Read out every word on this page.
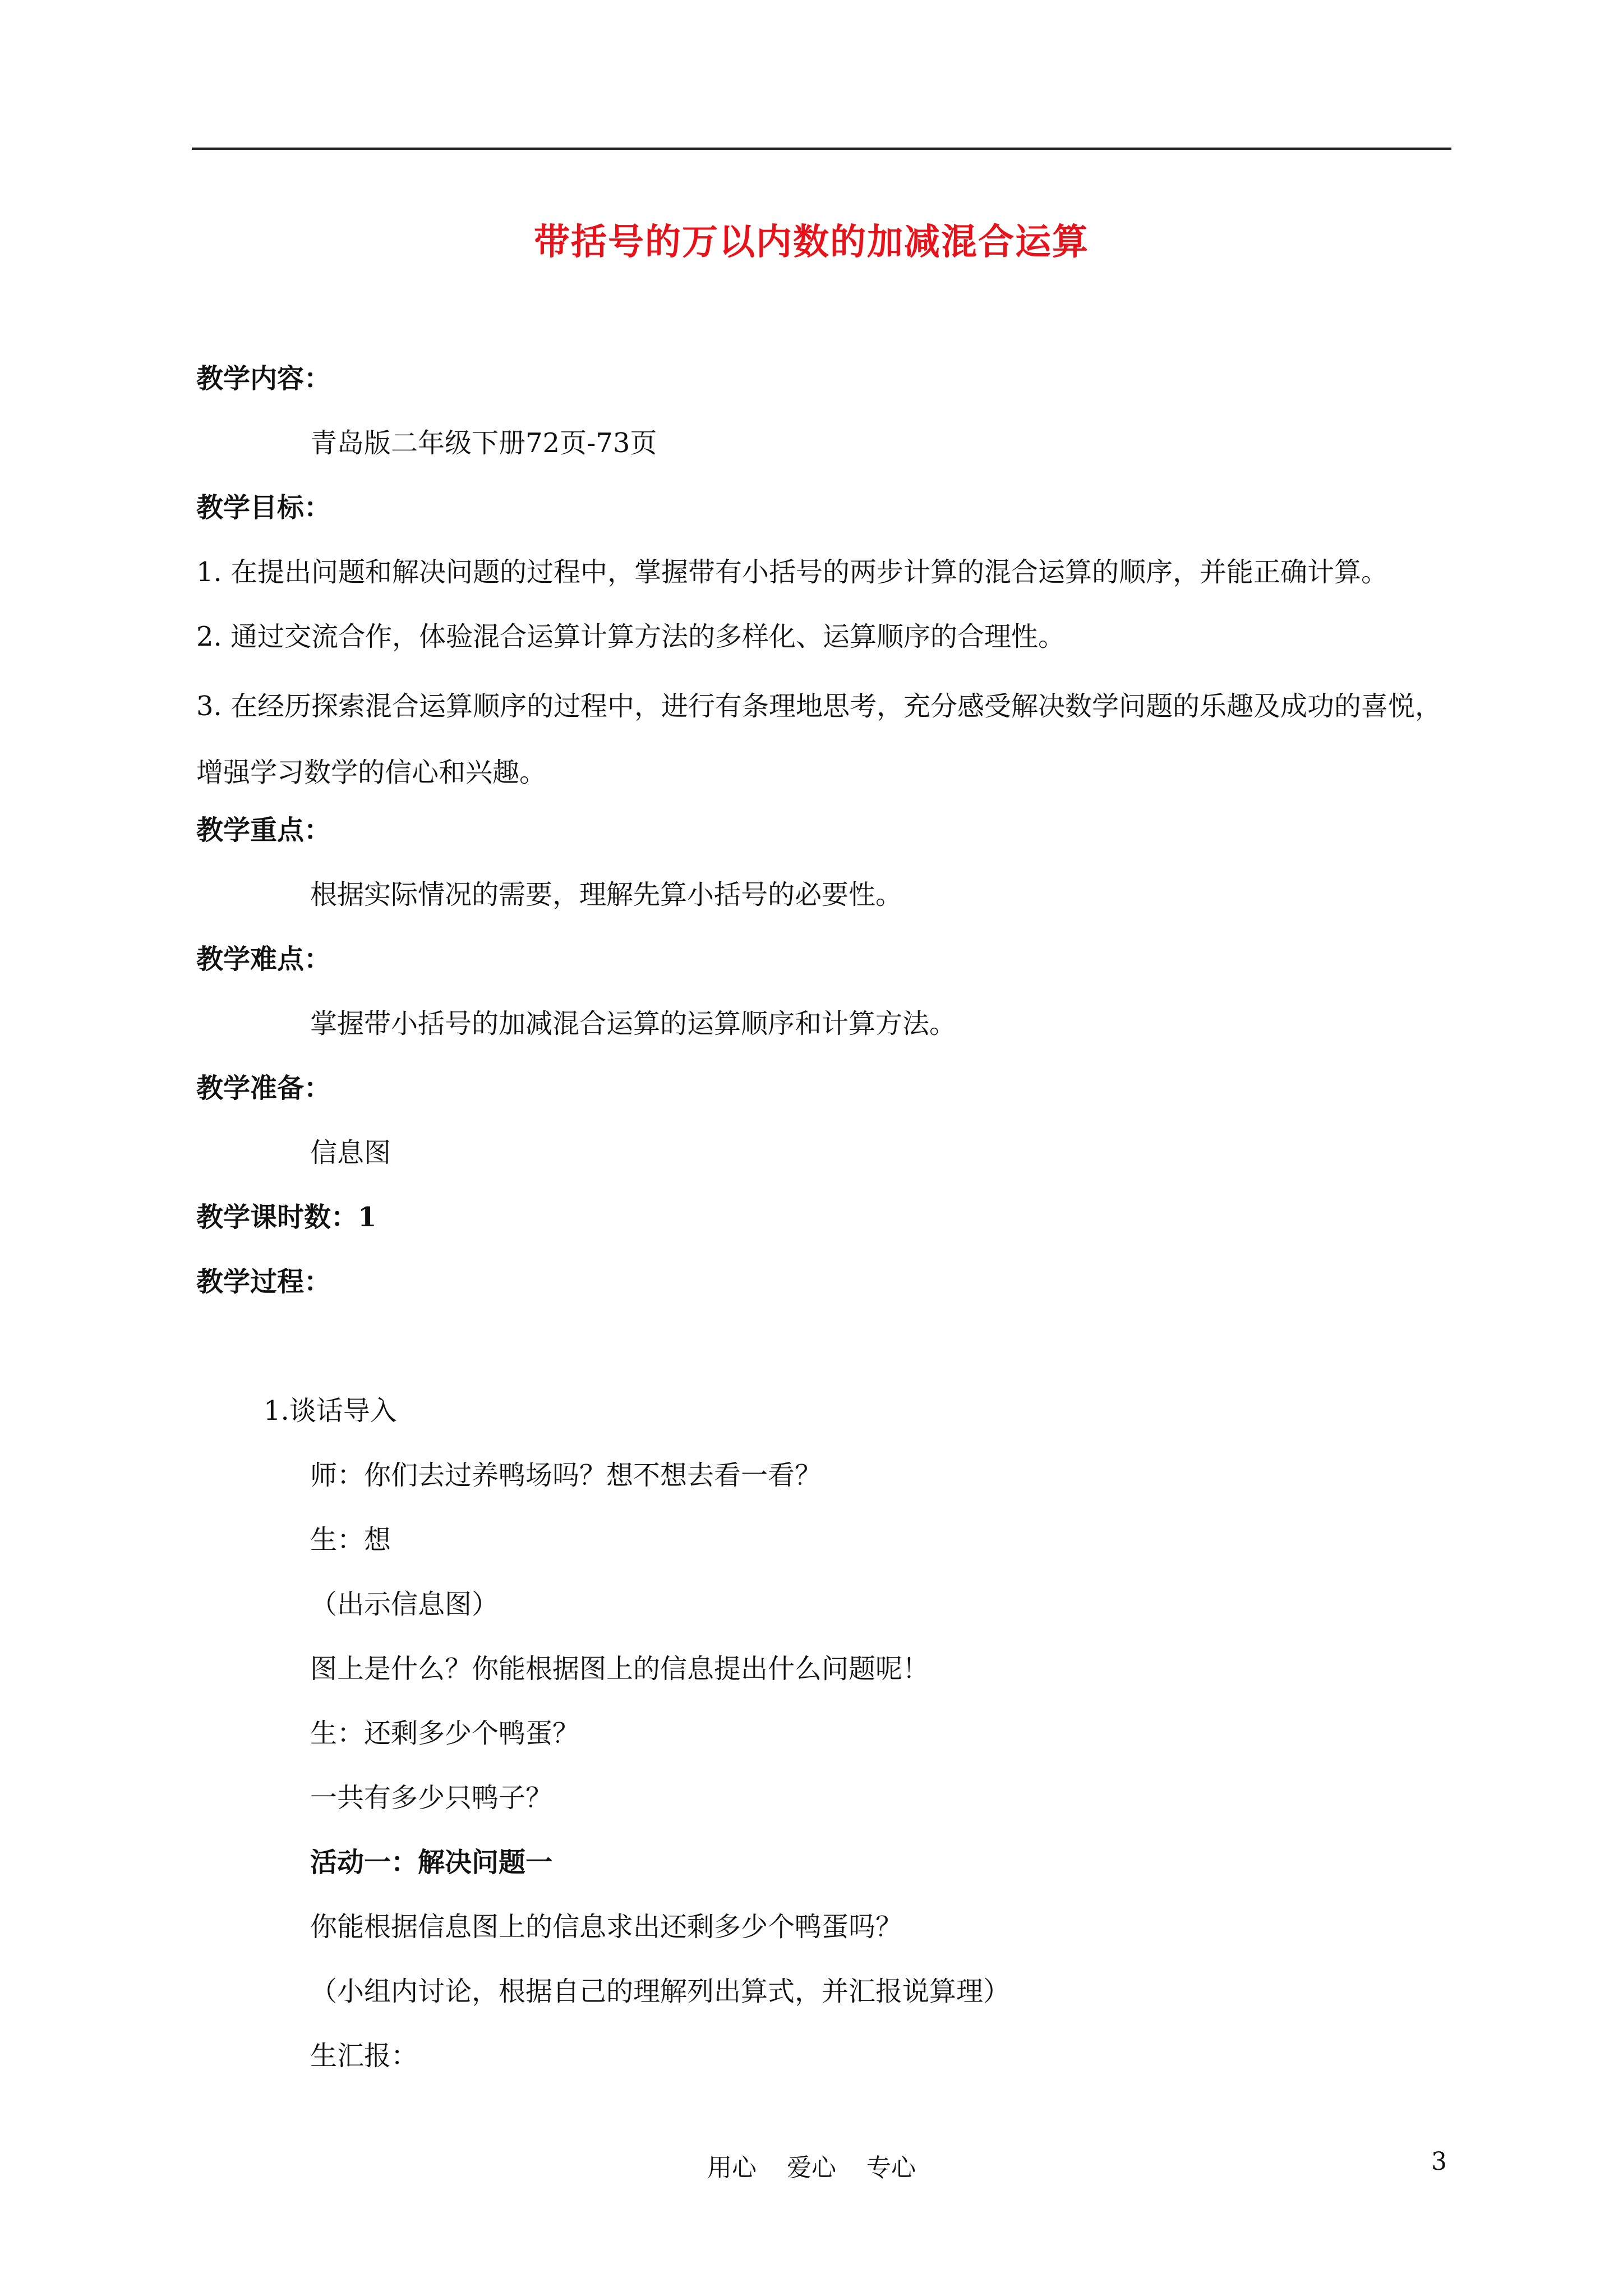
带括号的万以内数的加减混合运算
教学内容：
青岛版二年级下册72页-73页
教学目标：
1. 在提出问题和解决问题的过程中，掌握带有小括号的两步计算的混合运算的顺序，并能正确计算。
2. 通过交流合作，体验混合运算计算方法的多样化、运算顺序的合理性。
3. 在经历探索混合运算顺序的过程中，进行有条理地思考，充分感受解决数学问题的乐趣及成功的喜悦，增强学习数学的信心和兴趣。
教学重点：
根据实际情况的需要，理解先算小括号的必要性。
教学难点：
掌握带小括号的加减混合运算的运算顺序和计算方法。
教学准备：
信息图
教学课时数：1
教学过程：
1.谈话导入
师：你们去过养鸭场吗？想不想去看一看？
生：想
（出示信息图）
图上是什么？你能根据图上的信息提出什么问题呢！
生：还剩多少个鸭蛋？
一共有多少只鸭子？
活动一：解决问题一
你能根据信息图上的信息求出还剩多少个鸭蛋吗？
（小组内讨论，根据自己的理解列出算式，并汇报说算理）
生汇报：
用心 爱心 专心	3
